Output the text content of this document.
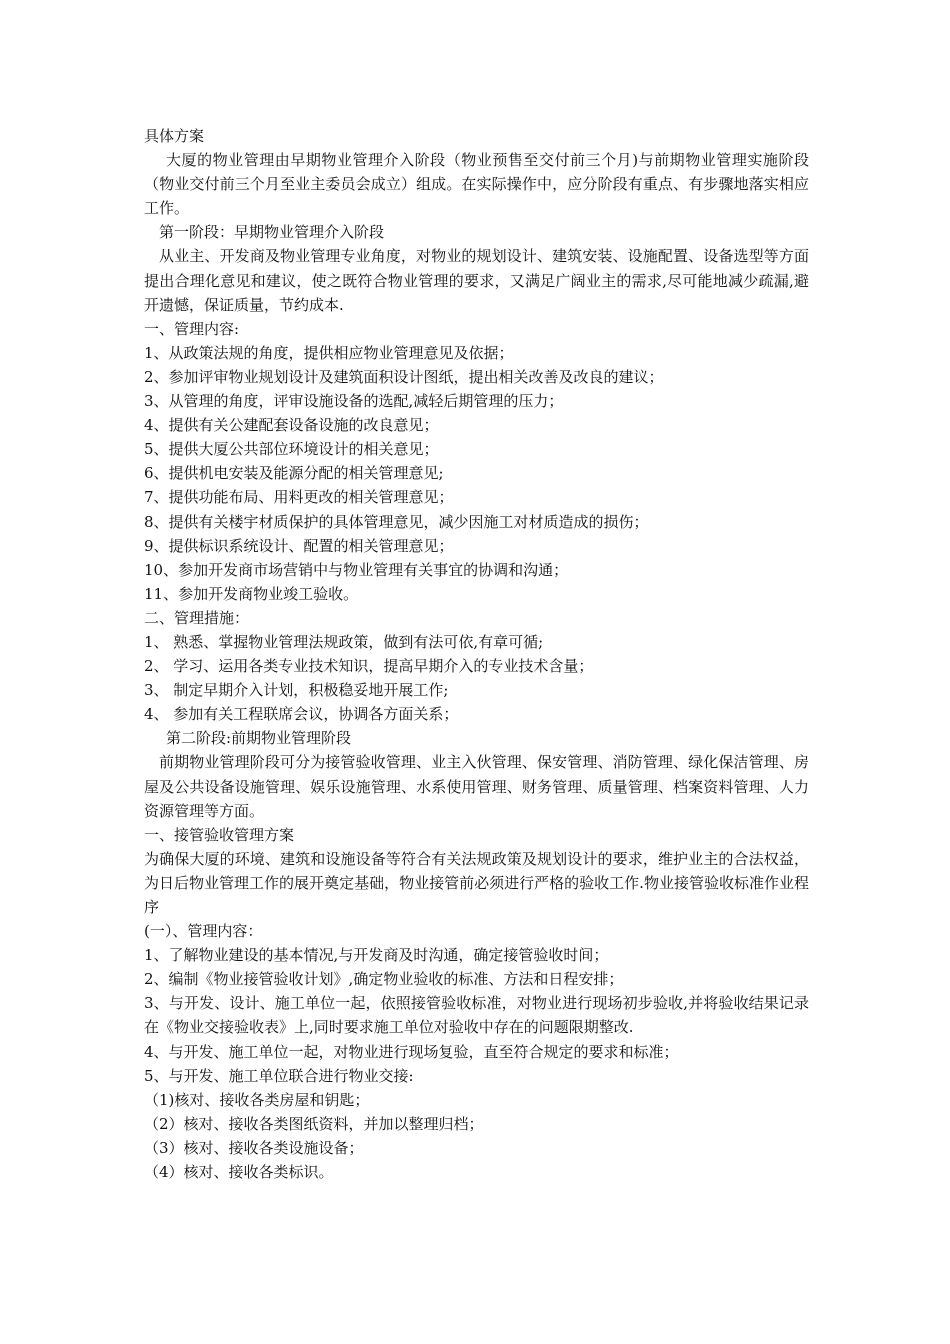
具体方案

大厦的物业管理由早期物业管理介入阶段（物业预售至交付前三个月)与前期物业管理实施阶段（物业交付前三个月至业主委员会成立）组成。在实际操作中，应分阶段有重点、有步骤地落实相应工作。

第一阶段：早期物业管理介入阶段

从业主、开发商及物业管理专业角度，对物业的规划设计、建筑安装、设施配置、设备选型等方面提出合理化意见和建议，使之既符合物业管理的要求，又满足广阔业主的需求,尽可能地减少疏漏,避开遗憾，保证质量，节约成本.

一、管理内容:

1、从政策法规的角度，提供相应物业管理意见及依据；

2、参加评审物业规划设计及建筑面积设计图纸，提出相关改善及改良的建议；

3、从管理的角度，评审设施设备的选配,减轻后期管理的压力；

4、提供有关公建配套设备设施的改良意见；

5、提供大厦公共部位环境设计的相关意见；

6、提供机电安装及能源分配的相关管理意见;

7、提供功能布局、用料更改的相关管理意见；

8、提供有关楼宇材质保护的具体管理意见，减少因施工对材质造成的损伤；

9、提供标识系统设计、配置的相关管理意见；

10、参加开发商市场营销中与物业管理有关事宜的协调和沟通；

11、参加开发商物业竣工验收。

二、管理措施：

1、 熟悉、掌握物业管理法规政策，做到有法可依,有章可循;

2、 学习、运用各类专业技术知识，提高早期介入的专业技术含量；

3、 制定早期介入计划，积极稳妥地开展工作;

4、 参加有关工程联席会议，协调各方面关系；

第二阶段:前期物业管理阶段

前期物业管理阶段可分为接管验收管理、业主入伙管理、保安管理、消防管理、绿化保洁管理、房屋及公共设备设施管理、娱乐设施管理、水系使用管理、财务管理、质量管理、档案资料管理、人力资源管理等方面。

一、接管验收管理方案

为确保大厦的环境、建筑和设施设备等符合有关法规政策及规划设计的要求，维护业主的合法权益，为日后物业管理工作的展开奠定基础，物业接管前必须进行严格的验收工作.物业接管验收标准作业程序

(一）、管理内容：

1、了解物业建设的基本情况,与开发商及时沟通，确定接管验收时间；

2、编制《物业接管验收计划》,确定物业验收的标准、方法和日程安排；

3、与开发、设计、施工单位一起，依照接管验收标准，对物业进行现场初步验收,并将验收结果记录在《物业交接验收表》上,同时要求施工单位对验收中存在的问题限期整改.

4、与开发、施工单位一起，对物业进行现场复验，直至符合规定的要求和标准；

5、与开发、施工单位联合进行物业交接:

（1)核对、接收各类房屋和钥匙；

（2）核对、接收各类图纸资料，并加以整理归档；

（3）核对、接收各类设施设备；

（4）核对、接收各类标识。
